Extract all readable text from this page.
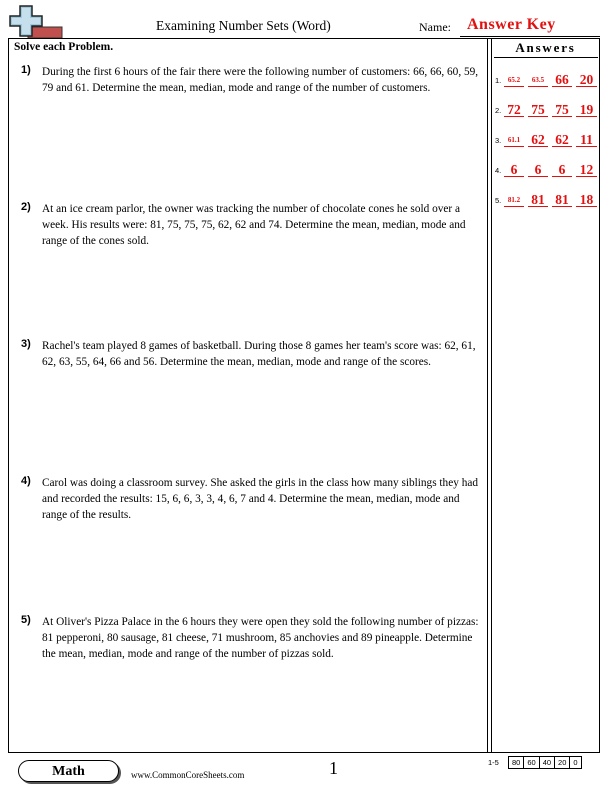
Examining Number Sets (Word)	Name: Answer Key
Solve each Problem.
1) During the first 6 hours of the fair there were the following number of customers: 66, 66, 60, 59, 79 and 61. Determine the mean, median, mode and range of the number of customers.
2) At an ice cream parlor, the owner was tracking the number of chocolate cones he sold over a week. His results were: 81, 75, 75, 75, 62, 62 and 74. Determine the mean, median, mode and range of the cones sold.
3) Rachel's team played 8 games of basketball. During those 8 games her team's score was: 62, 61, 62, 63, 55, 64, 66 and 56. Determine the mean, median, mode and range of the scores.
4) Carol was doing a classroom survey. She asked the girls in the class how many siblings they had and recorded the results: 15, 6, 6, 3, 3, 4, 6, 7 and 4. Determine the mean, median, mode and range of the results.
5) At Oliver's Pizza Palace in the 6 hours they were open they sold the following number of pizzas: 81 pepperoni, 80 sausage, 81 cheese, 71 mushroom, 85 anchovies and 89 pineapple. Determine the mean, median, mode and range of the number of pizzas sold.
Answers
1. 65.2	63.5 66 20
2. 72 75 75 19
3. 61.1 62 62 11
4. 6	6	6	12
5. 81.2 81 81 18
Math	www.CommonCoreSheets.com	1	1-5 80	60	40	20	0
